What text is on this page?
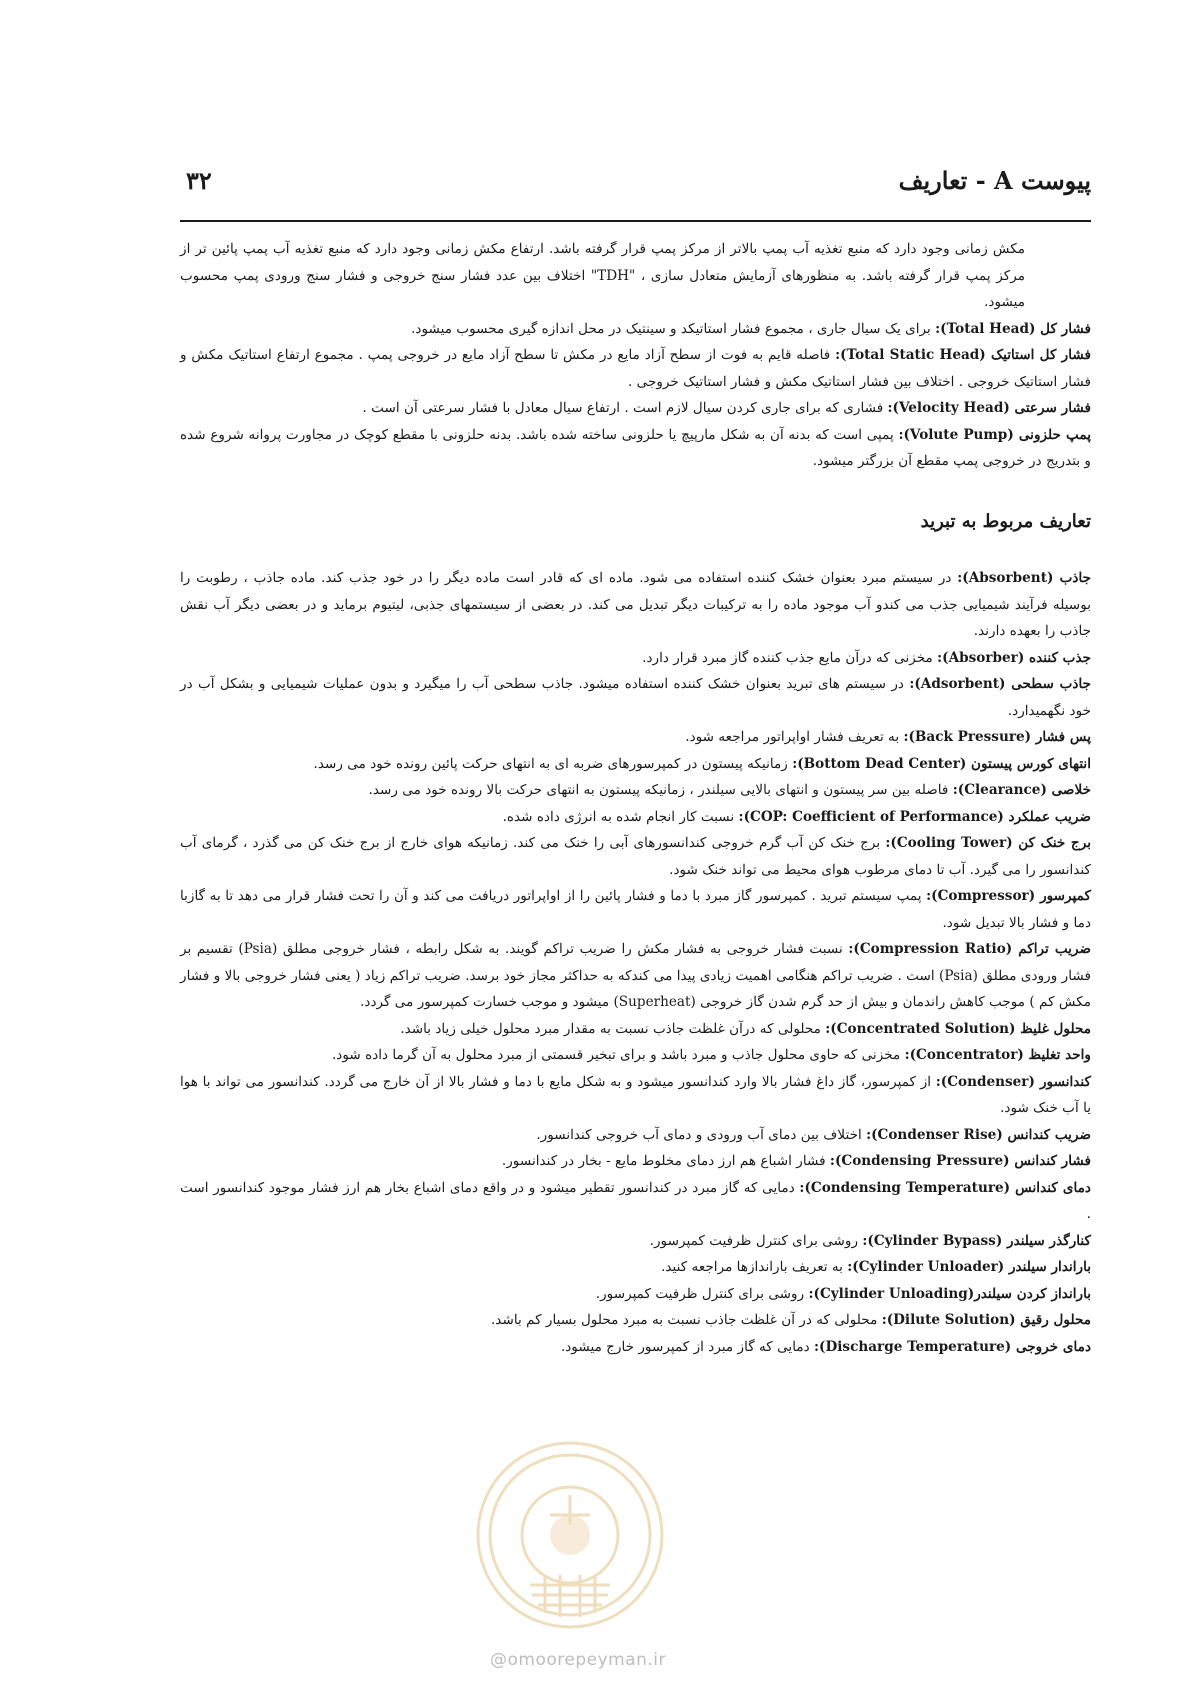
پیوست A - تعاریف
۳۲

مکش زمانی وجود دارد که منبع تغذیه آب پمپ بالاتر از مرکز پمپ قرار گرفته باشد. ارتفاع مکش زمانی وجود دارد که منبع تغذیه آب پمپ پائین تر از مرکز پمپ قرار گرفته باشد. به منظورهای آزمایش متعادل سازی ، "TDH" اختلاف بین عدد فشار سنج خروجی و فشار سنج ورودی پمپ محسوب میشود.

فشار کل (Total Head): برای یک سیال جاری ، مجموع فشار استاتیکد و سینتیک در محل اندازه گیری محسوب میشود.

فشار کل استاتیک (Total Static Head): فاصله قایم به فوت از سطح آزاد مایع در مکش تا سطح آزاد مایع در خروجی پمپ . مجموع ارتفاع استاتیک مکش و فشار استاتیک خروجی . اختلاف بین فشار استاتیک مکش و فشار استاتیک خروجی .

فشار سرعتی (Velocity Head): فشاری که برای جاری کردن سیال لازم است . ارتفاع سیال معادل با فشار سرعتی آن است .

پمپ حلزونی (Volute Pump): پمپی است که بدنه آن به شکل مارپیچ یا حلزونی ساخته شده باشد. بدنه حلزونی با مقطع کوچک در مجاورت پروانه شروع شده و بتدریج در خروجی پمپ مقطع آن بزرگتر میشود.

تعاریف مربوط به تبرید

جاذب (Absorbent): در سیستم مبرد بعنوان خشک کننده استفاده می شود. ماده ای که قادر است ماده دیگر را در خود جذب کند. ماده جاذب ، رطوبت را بوسیله فرآیند شیمیایی جذب می کندو آب موجود ماده را به ترکیبات دیگر تبدیل می کند. در بعضی از سیستمهای جذبی، لیتیوم برماید و در بعضی دیگر آب نقش جاذب را بعهده دارند.

جذب کننده (Absorber): مخزنی که درآن مایع جذب کننده گاز مبرد قرار دارد.

جاذب سطحی (Adsorbent): در سیستم های تبرید بعنوان خشک کننده استفاده میشود. جاذب سطحی آب را میگیرد و بدون عملیات شیمیایی و بشکل آب در خود نگهمیدارد.

پس فشار (Back Pressure): به تعریف فشار اواپراتور مراجعه شود.

انتهای کورس پیستون (Bottom Dead Center): زمانیکه پیستون در کمپرسورهای ضربه ای به انتهای حرکت پائین رونده خود می رسد.

خلاصی (Clearance): فاصله بین سر پیستون و انتهای بالایی سیلندر ، زمانیکه پیستون به انتهای حرکت بالا رونده خود می رسد.

ضریب عملکرد (COP: Coefficient of Performance): نسبت کار انجام شده به انرژی داده شده.

برج خنک کن (Cooling Tower): برج خنک کن آب گرم خروجی کندانسورهای آبی را خنک می کند. زمانیکه هوای خارج از برج خنک کن می گذرد ، گرمای آب کندانسور را می گیرد. آب تا دمای مرطوب هوای محیط می تواند خنک شود.

کمپرسور (Compressor): پمپ سیستم تبرید . کمپرسور گاز مبرد با دما و فشار پائین را از اواپراتور دریافت می کند و آن را تحت فشار قرار می دهد تا به گازبا دما و فشار بالا تبدیل شود.

ضریب تراکم (Compression Ratio): نسبت فشار خروجی به فشار مکش را ضریب تراکم گویند. به شکل رابطه ، فشار خروجی مطلق (Psia) تقسیم بر فشار ورودی مطلق (Psia) است . ضریب تراکم هنگامی اهمیت زیادی پیدا می کندکه به حداکثر مجاز خود برسد. ضریب تراکم زیاد ( یعنی فشار خروجی بالا و فشار مکش کم ) موجب کاهش راندمان و بیش از حد گرم شدن گاز خروجی (Superheat) میشود و موجب خسارت کمپرسور می گردد.

محلول غلیظ (Concentrated Solution): محلولی که درآن غلظت جاذب نسبت به مقدار مبرد محلول خیلی زیاد باشد.

واحد تغلیظ (Concentrator): مخزنی که حاوی محلول جاذب و مبرد باشد و برای تبخیر قسمتی از مبرد محلول به آن گرما داده شود.

کندانسور (Condenser): از کمپرسور، گاز داغ فشار بالا وارد کندانسور میشود و به شکل مایع با دما و فشار بالا از آن خارج می گردد. کندانسور می تواند با هوا یا آب خنک شود.

ضریب کندانس (Condenser Rise): اختلاف بین دمای آب ورودی و دمای آب خروجی کندانسور.

فشار کندانس (Condensing Pressure): فشار اشباع هم ارز دمای مخلوط مایع - بخار در کندانسور.

دمای کندانس (Condensing Temperature): دمایی که گاز مبرد در کندانسور تقطیر میشود و در واقع دمای اشباع بخار هم ارز فشار موجود کندانسور است .

کنارگذر سیلندر (Cylinder Bypass): روشی برای کنترل ظرفیت کمپرسور.

باراندار سیلندر (Cylinder Unloader): به تعریف باراندازها مراجعه کنید.

بارانداز کردن سیلندر(Cylinder Unloading): روشی برای کنترل ظرفیت کمپرسور.

محلول رقیق (Dilute Solution): محلولی که در آن غلظت جاذب نسبت به مبرد محلول بسیار کم باشد.

دمای خروجی (Discharge Temperature): دمایی که گاز مبرد از کمپرسور خارج میشود.

@omoorepeyman.ir
